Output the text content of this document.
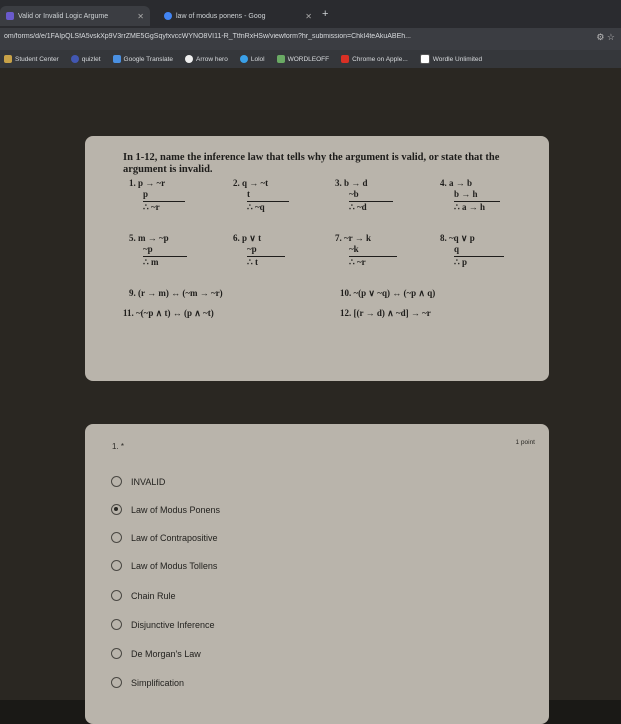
Valid or Invalid Logic Argume	✕	law of modus ponens - Goog	✕ +
om/forms/d/e/1FAIpQLSfA5vskXp9V3rrZME5GgSqyfxvccWYNO8VI11-R_TtfnRxHSw/viewform?hr_submission=ChkI4teAkuABEh...	⚙ ☆
Student Center	quizlet	Google Translate	Arrow hero	Lolol	WORDLEOFF	Chrome on Apple...	Wordle Unlimited
In 1-12, name the inference law that tells why the argument is valid, or state that the argument is invalid.
1. p → ~r
p
∴ ~r
2. q → ~t
t
∴ ~q
3. b → d
~b
∴ ~d
4. a → b
b → h
∴ a → h
5. m → ~p
~p
∴ m
6. p ∨ t
~p
∴ t
7. ~r → k
~k
∴ ~r
8. ~q ∨ p
q
∴ p
9. (r → m) ↔ (~m → ~r)	10. ~(p ∨ ~q) ↔ (~p ∧ q)
11. ~(~p ∧ t) ↔ (p ∧ ~t)	12. [(r → d) ∧ ~d] → ~r
1. *	1 point
INVALID
Law of Modus Ponens
Law of Contrapositive
Law of Modus Tollens
Chain Rule
Disjunctive Inference
De Morgan's Law
Simplification
